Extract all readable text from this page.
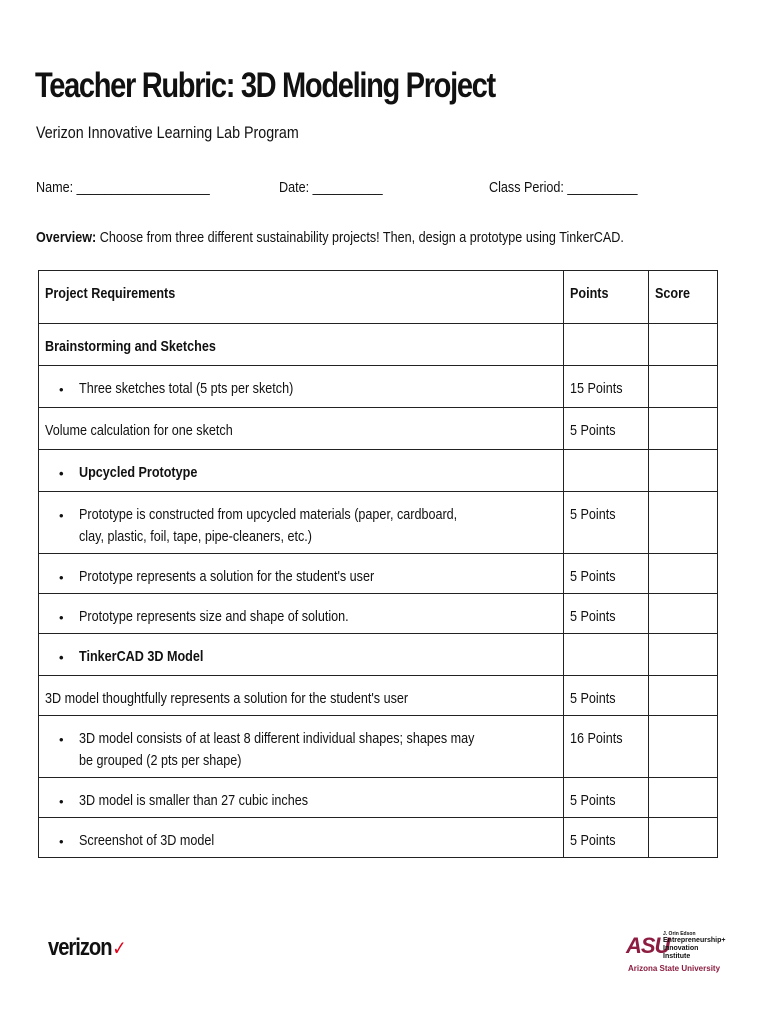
Teacher Rubric: 3D Modeling Project
Verizon Innovative Learning Lab Program
Name: ___________________	Date: __________	Class Period: __________
Overview: Choose from three different sustainability projects! Then, design a prototype using TinkerCAD.
Project Requirements	Points	Score

Brainstorming and Sketches		

• Three sketches total (5 pts per sketch)	15 Points	

Volume calculation for one sketch	5 Points	

• Upcycled Prototype		

• Prototype is constructed from upcycled materials (paper, cardboard, clay, plastic, foil, tape, pipe-cleaners, etc.)	5 Points	

• Prototype represents a solution for the student's user	5 Points	

• Prototype represents size and shape of solution.	5 Points	

• TinkerCAD 3D Model		

3D model thoughtfully represents a solution for the student's user	5 Points	

• 3D model consists of at least 8 different individual shapes; shapes may be grouped (2 pts per shape)	16 Points	

• 3D model is smaller than 27 cubic inches	5 Points	

• Screenshot of 3D model	5 Points	

verizon✓	ASU
J. Orin Edson
Entrepreneurship+
Innovation Institute
Arizona State University
